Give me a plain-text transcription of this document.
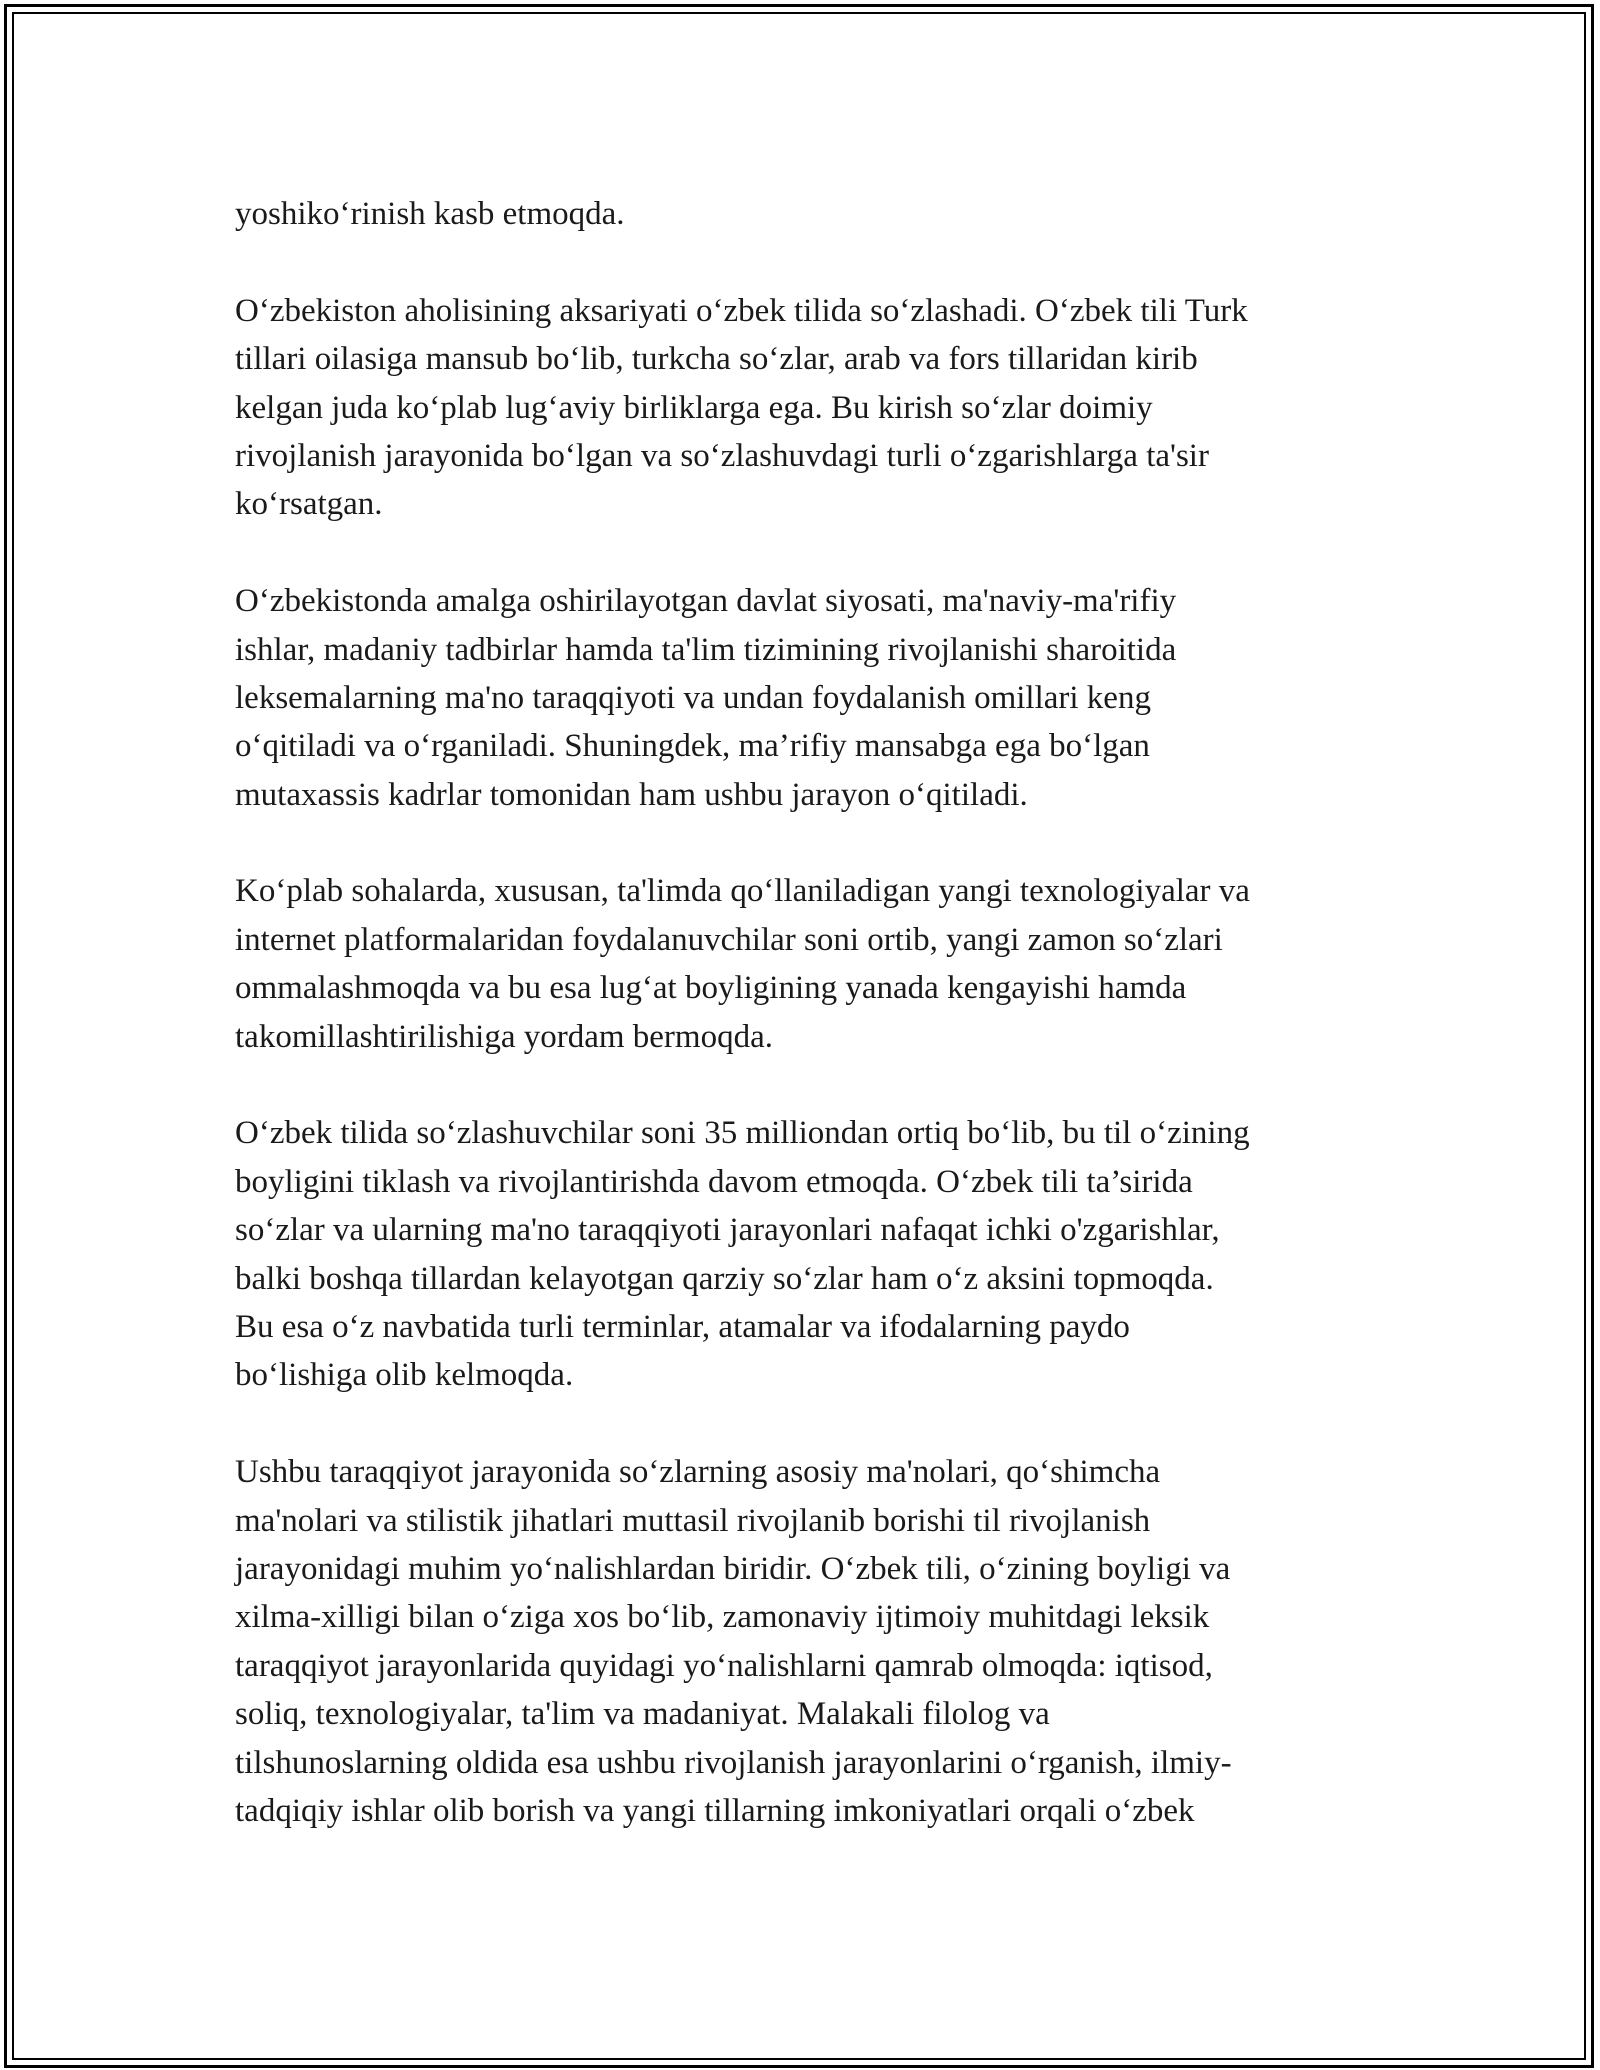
yoshiko‘rinish kasb etmoqda.
O‘zbekiston aholisining aksariyati o‘zbek tilida so‘zlashadi. O‘zbek tili Turk
tillari oilasiga mansub bo‘lib, turkcha so‘zlar, arab va fors tillaridan kirib
kelgan juda ko‘plab lug‘aviy birliklarga ega. Bu kirish so‘zlar doimiy
rivojlanish jarayonida bo‘lgan va so‘zlashuvdagi turli o‘zgarishlarga ta'sir
ko‘rsatgan.
O‘zbekistonda amalga oshirilayotgan davlat siyosati, ma'naviy-ma'rifiy
ishlar, madaniy tadbirlar hamda ta'lim tizimining rivojlanishi sharoitida
leksemalarning ma'no taraqqiyoti va undan foydalanish omillari keng
o‘qitiladi va o‘rganiladi. Shuningdek, ma’rifiy mansabga ega bo‘lgan
mutaxassis kadrlar tomonidan ham ushbu jarayon o‘qitiladi.
Ko‘plab sohalarda, xususan, ta'limda qo‘llaniladigan yangi texnologiyalar va
internet platformalaridan foydalanuvchilar soni ortib, yangi zamon so‘zlari
ommalashmoqda va bu esa lug‘at boyligining yanada kengayishi hamda
takomillashtirilishiga yordam bermoqda.
O‘zbek tilida so‘zlashuvchilar soni 35 milliondan ortiq bo‘lib, bu til o‘zining
boyligini tiklash va rivojlantirishda davom etmoqda. O‘zbek tili ta’sirida
so‘zlar va ularning ma'no taraqqiyoti jarayonlari nafaqat ichki o'zgarishlar,
balki boshqa tillardan kelayotgan qarziy so‘zlar ham o‘z aksini topmoqda.
Bu esa o‘z navbatida turli terminlar, atamalar va ifodalarning paydo
bo‘lishiga olib kelmoqda.
Ushbu taraqqiyot jarayonida so‘zlarning asosiy ma'nolari, qo‘shimcha
ma'nolari va stilistik jihatlari muttasil rivojlanib borishi til rivojlanish
jarayonidagi muhim yo‘nalishlardan biridir. O‘zbek tili, o‘zining boyligi va
xilma-xilligi bilan o‘ziga xos bo‘lib, zamonaviy ijtimoiy muhitdagi leksik
taraqqiyot jarayonlarida quyidagi yo‘nalishlarni qamrab olmoqda: iqtisod,
soliq, texnologiyalar, ta'lim va madaniyat. Malakali filolog va
tilshunoslarning oldida esa ushbu rivojlanish jarayonlarini o‘rganish, ilmiy-
tadqiqiy ishlar olib borish va yangi tillarning imkoniyatlari orqali o‘zbek
